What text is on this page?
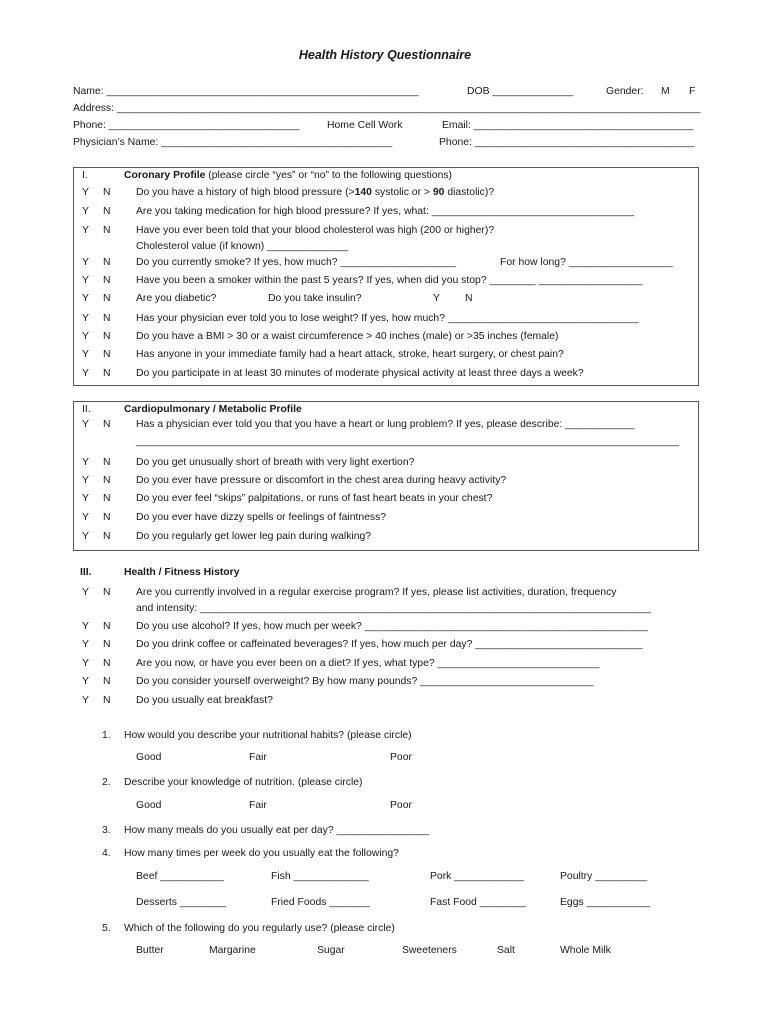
Health History Questionnaire
Name: ______________________________________________________	DOB ______________	Gender: M F
Address: _____________________________________________________________________________________________________
Phone: _________________________________	Home Cell Work	Email: ______________________________________
Physician’s Name: ________________________________________	Phone: ______________________________________
I.	Coronary Profile (please circle “yes” or “no” to the following questions)
Y N Do you have a history of high blood pressure (>140 systolic or > 90 diastolic)?
Y N Are you taking medication for high blood pressure? If yes, what: ___________________________________
Y N Have you ever been told that your blood cholesterol was high (200 or higher)?
Cholesterol value (if known) ______________
Y N Do you currently smoke? If yes, how much? ____________________	For how long? __________________
Y N Have you been a smoker within the past 5 years? If yes, when did you stop? ________ __________________
Y N Are you diabetic?	Do you take insulin?	Y N
Y N Has your physician ever told you to lose weight? If yes, how much? _________________________________
Y N Do you have a BMI > 30 or a waist circumference > 40 inches (male) or >35 inches (female)
Y N Has anyone in your immediate family had a heart attack, stroke, heart surgery, or chest pain?
Y N Do you participate in at least 30 minutes of moderate physical activity at least three days a week?
II.	Cardiopulmonary / Metabolic Profile
Y N Has a physician ever told you that you have a heart or lung problem? If yes, please describe: ____________
______________________________________________________________________________________________
Y N Do you get unusually short of breath with very light exertion?
Y N Do you ever have pressure or discomfort in the chest area during heavy activity?
Y N Do you ever feel “skips” palpitations, or runs of fast heart beats in your chest?
Y N Do you ever have dizzy spells or feelings of faintness?
Y N Do you regularly get lower leg pain during walking?
III.	Health / Fitness History
Y N Are you currently involved in a regular exercise program? If yes, please list activities, duration, frequency
and intensity: ______________________________________________________________________________
Y N Do you use alcohol? If yes, how much per week? _________________________________________________
Y N Do you drink coffee or caffeinated beverages? If yes, how much per day? _____________________________
Y N Are you now, or have you ever been on a diet? If yes, what type? ____________________________
Y N Do you consider yourself overweight? By how many pounds? ______________________________
Y N Do you usually eat breakfast?
1. How would you describe your nutritional habits? (please circle)
Good	Fair	Poor
2. Describe your knowledge of nutrition. (please circle)
Good	Fair	Poor
3. How many meals do you usually eat per day? ________________
4. How many times per week do you usually eat the following?
Beef ___________	Fish _____________	Pork ____________	Poultry _________
Desserts ________	Fried Foods _______	Fast Food ________	Eggs ___________
5. Which of the following do you regularly use? (please circle)
Butter	Margarine	Sugar	Sweeteners	Salt	Whole Milk
